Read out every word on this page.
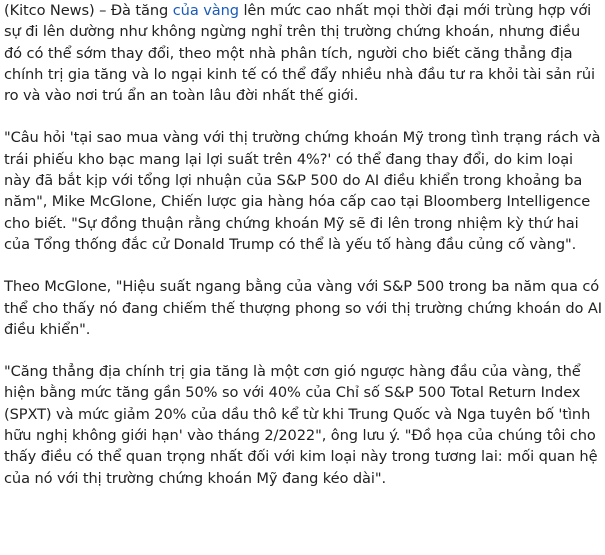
(Kitco News) – Đà tăng của vàng lên mức cao nhất mọi thời đại mới trùng hợp với sự đi lên dường như không ngừng nghỉ trên thị trường chứng khoán, nhưng điều đó có thể sớm thay đổi, theo một nhà phân tích, người cho biết căng thẳng địa chính trị gia tăng và lo ngại kinh tế có thể đẩy nhiều nhà đầu tư ra khỏi tài sản rủi ro và vào nơi trú ẩn an toàn lâu đời nhất thế giới.

"Câu hỏi 'tại sao mua vàng với thị trường chứng khoán Mỹ trong tình trạng rách và trái phiếu kho bạc mang lại lợi suất trên 4%?' có thể đang thay đổi, do kim loại này đã bắt kịp với tổng lợi nhuận của S&P 500 do AI điều khiển trong khoảng ba năm", Mike McGlone, Chiến lược gia hàng hóa cấp cao tại Bloomberg Intelligence cho biết. "Sự đồng thuận rằng chứng khoán Mỹ sẽ đi lên trong nhiệm kỳ thứ hai của Tổng thống đắc cử Donald Trump có thể là yếu tố hàng đầu củng cố vàng".

Theo McGlone, "Hiệu suất ngang bằng của vàng với S&P 500 trong ba năm qua có thể cho thấy nó đang chiếm thế thượng phong so với thị trường chứng khoán do AI điều khiển".

"Căng thẳng địa chính trị gia tăng là một cơn gió ngược hàng đầu của vàng, thể hiện bằng mức tăng gần 50% so với 40% của Chỉ số S&P 500 Total Return Index (SPXT) và mức giảm 20% của dầu thô kể từ khi Trung Quốc và Nga tuyên bố 'tình hữu nghị không giới hạn' vào tháng 2/2022", ông lưu ý. "Đồ họa của chúng tôi cho thấy điều có thể quan trọng nhất đối với kim loại này trong tương lai: mối quan hệ của nó với thị trường chứng khoán Mỹ đang kéo dài".
